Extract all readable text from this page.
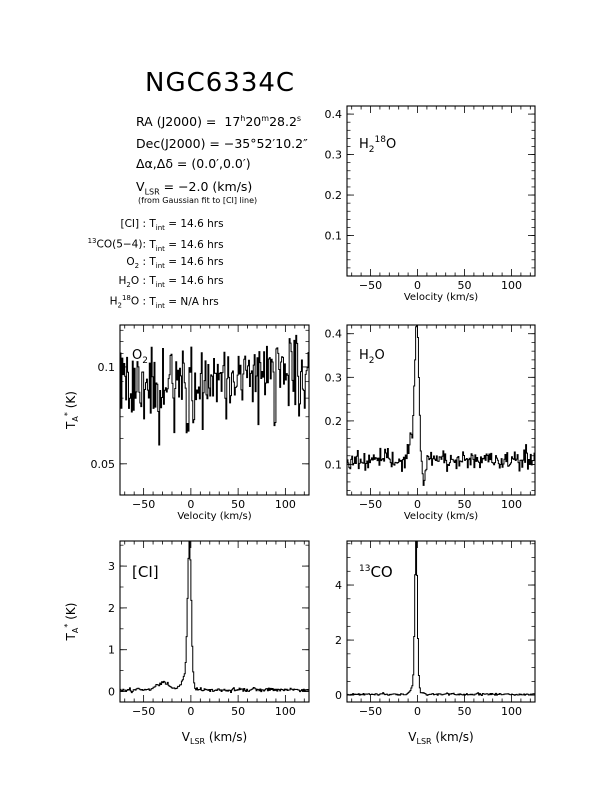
NGC6334C
RA $(J2000) = 17^h20^m28.2^s$
Dec(J2000) = −35°52′10.2″
Δα,Δδ = (0.0′,0.0′)
$V_{LSR} = -2.0$ (km/s)
(from Gaussian fit to [CI] line)
[CI] : $T_{int} = 14.6$ hrs
$^{13}$CO(5−4): $T_{int} = 14.6$ hrs
$O_2$ : $T_{int} = 14.6$ hrs
$H_2O$ : $T_{int} = 14.6$ hrs
$H_2^{18}O$ : $T_{int} = N/A$ hrs
−50	0	50	100
0.1
0.2
0.3
0.4
Velocity (km/s)
$H_2^{18}O$
−50	0	50	100
0.05
0.1
Velocity (km/s)
$T_A^*$ (K)
$O_2$
−50	0	50	100
0.1
0.2
0.3
0.4
Velocity (km/s)
$H_2O$
−50	0	50	100
0
1
2
3
$V_{LSR}$ (km/s)
$T_A^*$ (K)
[CI]
−50	0	50	100
0
2
4
$V_{LSR}$ (km/s)
$^{13}$CO
